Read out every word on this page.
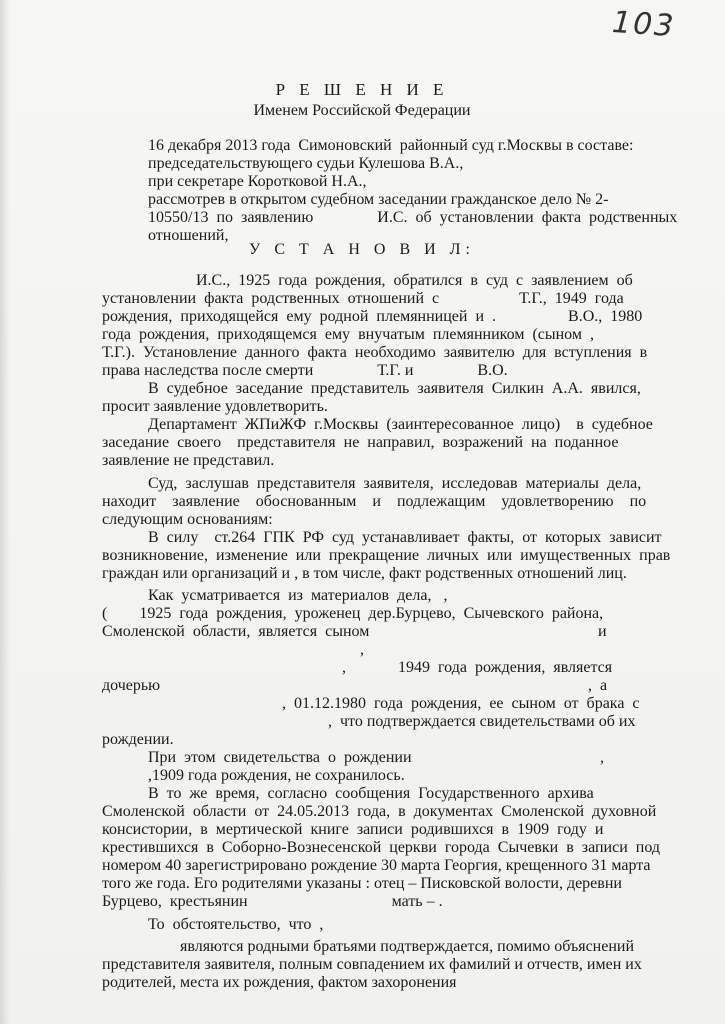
103
Р Е Ш Е Н И Е
Именем Российской Федерации
16 декабря 2013 года  Симоновский  районный суд г.Москвы в составе:
председательствующего судьи Кулешова В.А.,
при секретаре Коротковой Н.А.,
рассмотрев в открытом судебном заседании гражданское дело № 2-
10550/13  по  заявлению                И.С.  об  установлении  факта  родственных
отношений,
У С Т А Н О В И Л:
И.С.,  1925  года  рождения,  обратился  в  суд  с  заявлением  об
установлении  факта  родственных  отношений  с                    Т.Г.,  1949  года
рождения,  приходящейся  ему  родной  племянницей  и  .                  В.О.,  1980
года  рождения,  приходящемся  ему  внучатым  племянником  (сыном  ,
Т.Г.).  Установление  данного  факта  необходимо  заявителю  для  вступления  в
права наследства после смерти                Т.Г. и                В.О.
В  судебное  заседание  представитель  заявителя  Силкин  А.А.  явился,
просит заявление удовлетворить.
Департамент  ЖПиЖФ  г.Москвы  (заинтересованное  лицо)    в  судебное
заседание  своего    представителя  не  направил,  возражений  на  поданное
заявление не представил.
Суд,  заслушав  представителя  заявителя,  исследовав  материалы  дела,
находит    заявление    обоснованным    и    подлежащим    удовлетворению    по
следующим основаниям:
В  силу    ст.264  ГПК  РФ  суд  устанавливает  факты,  от  которых  зависит
возникновение,  изменение  или  прекращение  личных  или  имущественных  прав
граждан или организаций и , в том числе, факт родственных отношений лиц.
Как  усматривается  из  материалов  дела,   ,
(        1925  года  рождения,  уроженец  дер.Бурцево,  Сычевского  района,
Смоленской  области,  является  сыном	и
,
,             1949  года  рождения,  является
дочерью	,  а
,  01.12.1980  года  рождения,  ее  сыном  от  брака  с
,  что подтверждается свидетельствами об их
рождении.
При  этом  свидетельства  о  рождении	,
,1909 года рождения, не сохранилось.
В  то  же  время,  согласно  сообщения  Государственного  архива
Смоленской  области  от  24.05.2013  года,  в  документах  Смоленской  духовной
консистории,  в  мертической  книге  записи  родившихся  в  1909  году  и
крестившихся  в  Соборно-Вознесенской  церкви  города  Сычевки  в  записи  под
номером 40 зарегистрировано рождение 30 марта Георгия, крещенного 31 марта
того же года. Его родителями указаны : отец – Писковской волости, деревни
Бурцево,  крестьянин                                    мать – .
То  обстоятельство,  что  ,
являются родными братьями подтверждается, помимо объяснений
представителя заявителя, полным совпадением их фамилий и отчеств, имен их
родителей, места их рождения, фактом захоронения
